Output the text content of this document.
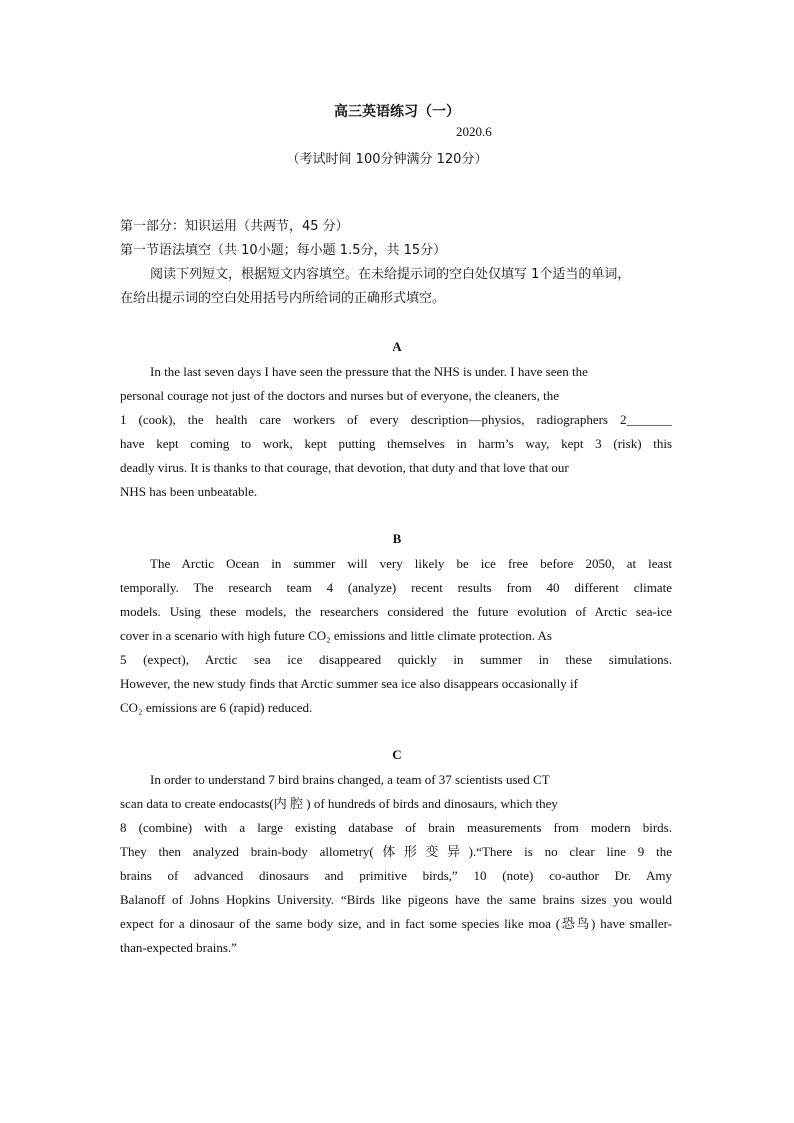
高三英语练习（一）
2020.6
（考试时间 100分钟满分 120分）
第一部分：知识运用（共两节，45 分）
第一节语法填空（共 10小题；每小题 1.5分，共 15分）
阅读下列短文，根据短文内容填空。在未给提示词的空白处仅填写 1个适当的单词，
在给出提示词的空白处用括号内所给词的正确形式填空。
A
In the last seven days I have seen the pressure that the NHS is under. I have seen the
personal courage not just of the doctors and nurses but of everyone, the cleaners, the
1 (cook), the health care workers of every description—physios, radiographers 2_______
have kept coming to work, kept putting themselves in harm’s way, kept 3 (risk) this
deadly virus. It is thanks to that courage, that devotion, that duty and that love that our
NHS has been unbeatable.
B
The Arctic Ocean in summer will very likely be ice free before 2050, at least
temporally. The research team 4 (analyze) recent results from 40 different climate
models. Using these models, the researchers considered the future evolution of Arctic sea-ice
cover in a scenario with high future CO₂ emissions and little climate protection. As
5 (expect), Arctic sea ice disappeared quickly in summer in these simulations.
However, the new study finds that Arctic summer sea ice also disappears occasionally if
CO₂ emissions are 6 (rapid) reduced.
C
In order to understand 7 bird brains changed, a team of 37 scientists used CT
scan data to create endocasts(内 腔 ) of hundreds of birds and dinosaurs, which they
8 (combine) with a large existing database of brain measurements from modern birds.
They then analyzed brain-body allometry(体形变异).“There is no clear line 9 the
brains of advanced dinosaurs and primitive birds,” 10 (note) co-author Dr. Amy
Balanoff of Johns Hopkins University. “Birds like pigeons have the same brains sizes you would
expect for a dinosaur of the same body size, and in fact some species like moa (恐鸟) have smaller-
than-expected brains.”
